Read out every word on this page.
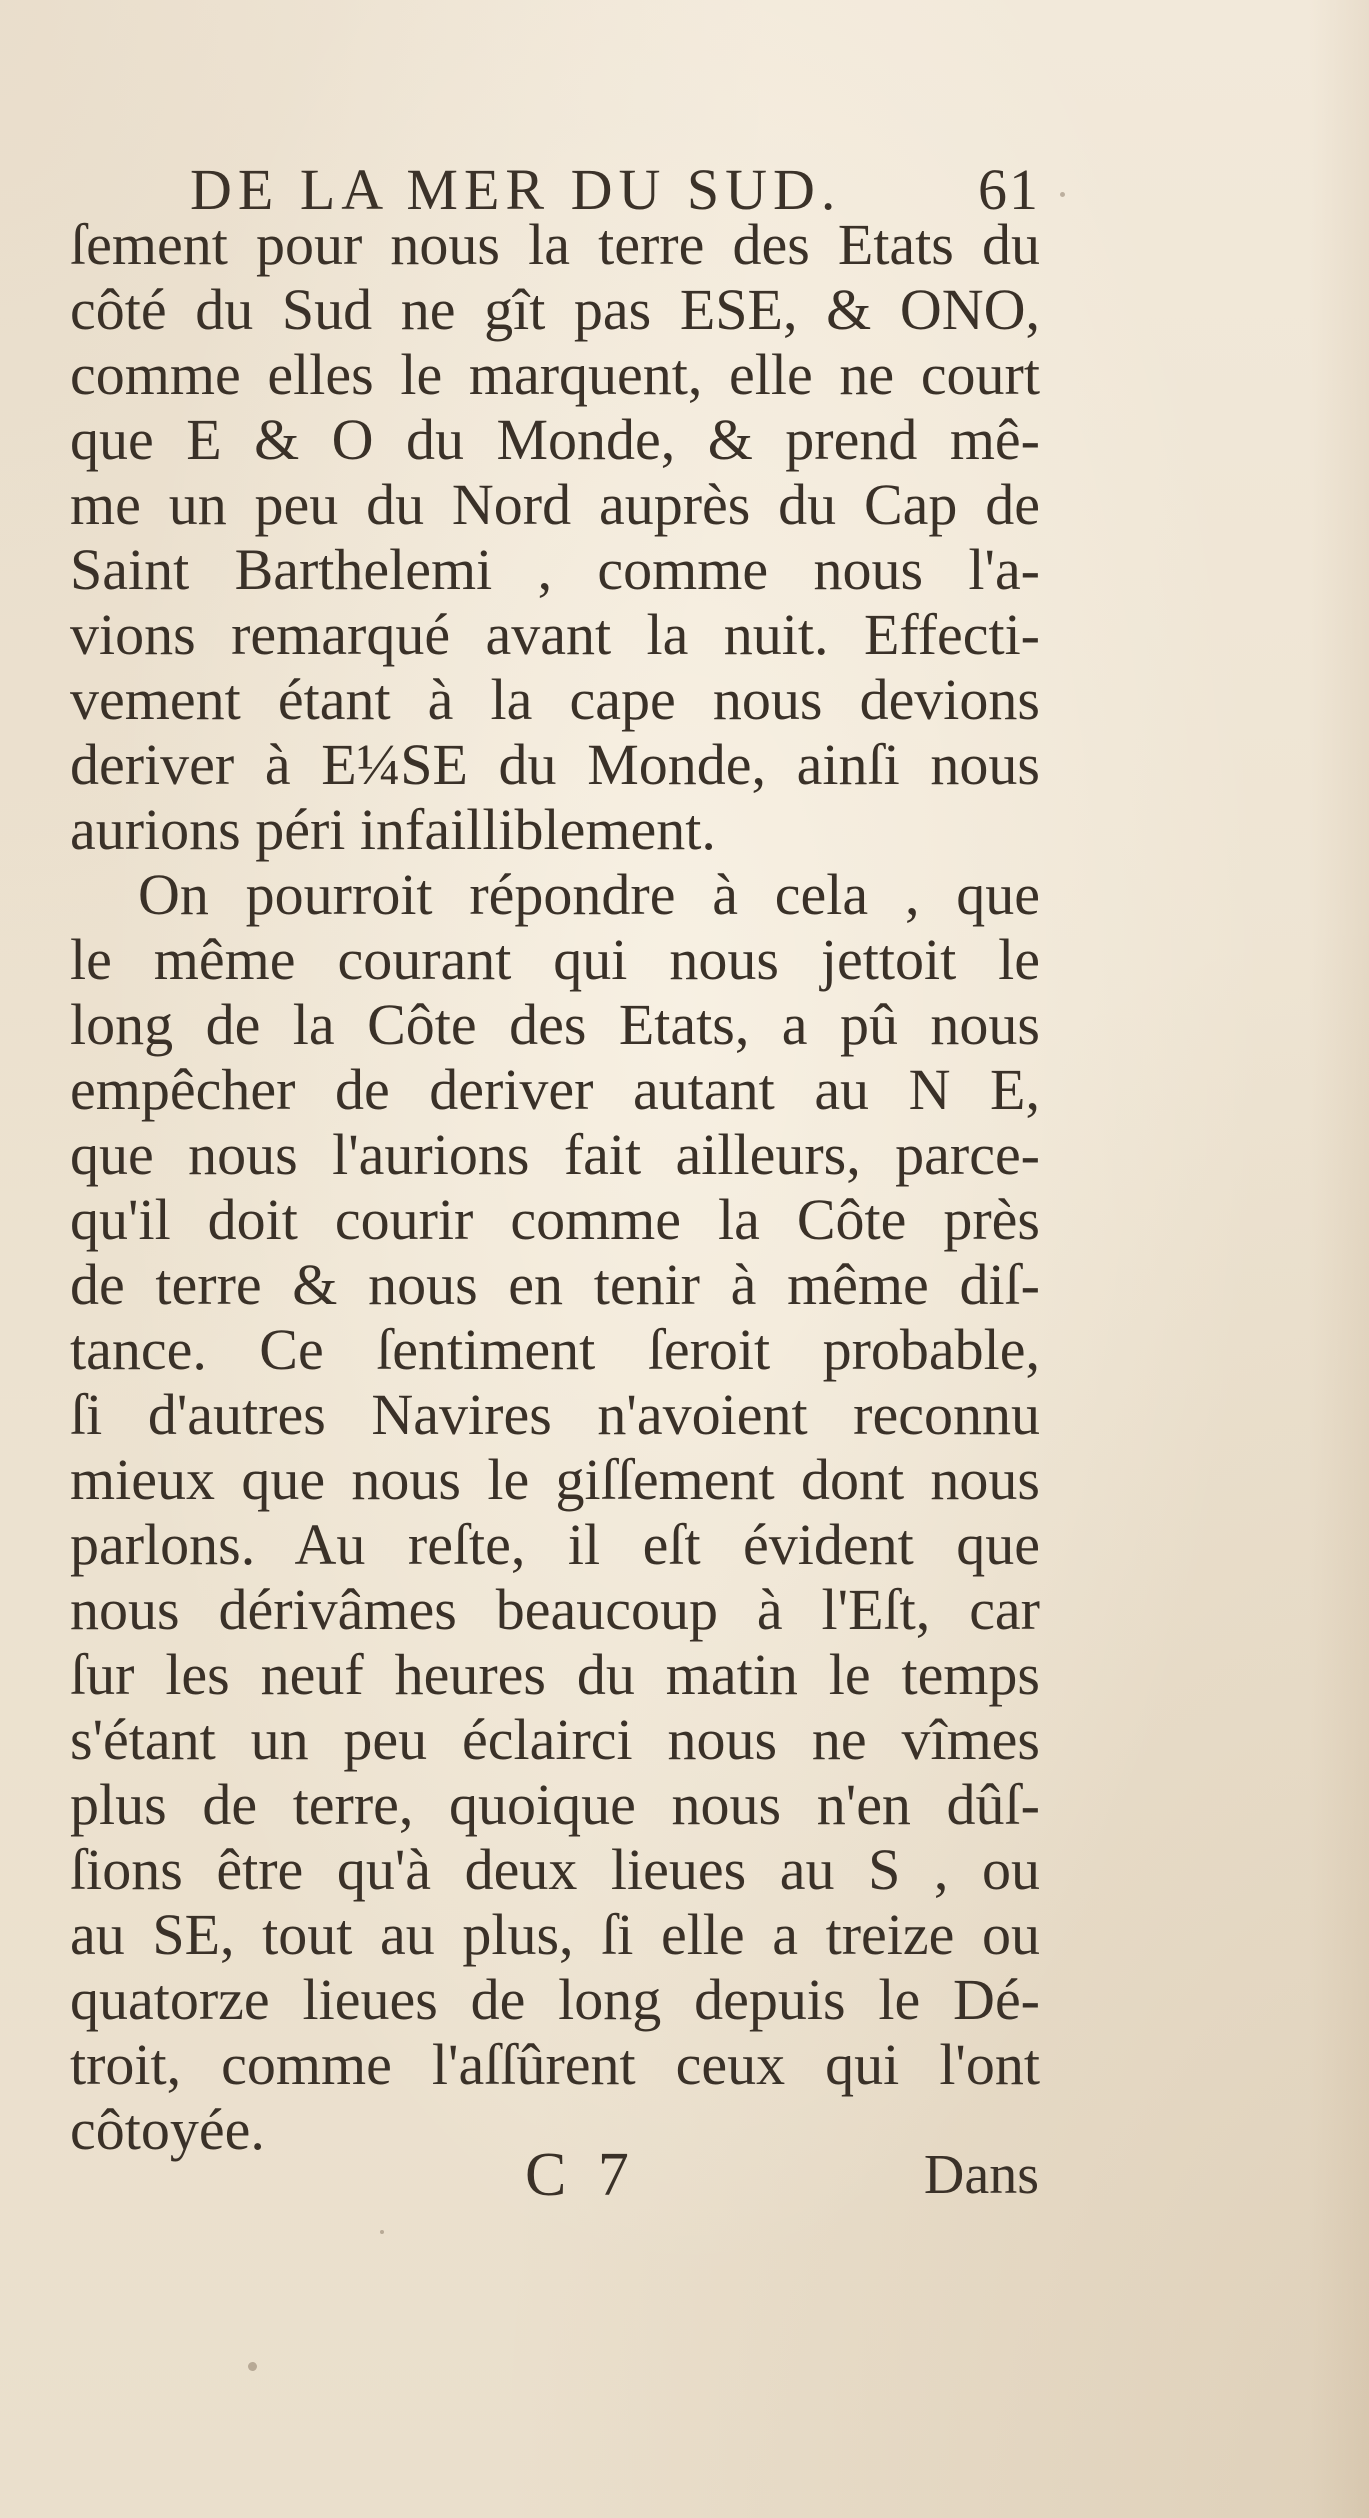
DE LA MER DU SUD. 61
ſement pour nous la terre des Etats du
côté du Sud ne gît pas ESE, & ONO,
comme elles le marquent, elle ne court
que E & O du Monde, & prend mê-
me un peu du Nord auprès du Cap de
Saint Barthelemi , comme nous l'a-
vions remarqué avant la nuit. Effecti-
vement étant à la cape nous devions
deriver à E¼SE du Monde, ainſi nous
aurions péri infailliblement.
On pourroit répondre à cela , que
le même courant qui nous jettoit le
long de la Côte des Etats, a pû nous
empêcher de deriver autant au N E,
que nous l'aurions fait ailleurs, parce-
qu'il doit courir comme la Côte près
de terre & nous en tenir à même diſ-
tance. Ce ſentiment ſeroit probable,
ſi d'autres Navires n'avoient reconnu
mieux que nous le giſſement dont nous
parlons. Au reſte, il eſt évident que
nous dérivâmes beaucoup à l'Eſt, car
ſur les neuf heures du matin le temps
s'étant un peu éclairci nous ne vîmes
plus de terre, quoique nous n'en dûſ-
ſions être qu'à deux lieues au S , ou
au SE, tout au plus, ſi elle a treize ou
quatorze lieues de long depuis le Dé-
troit, comme l'aſſûrent ceux qui l'ont
côtoyée.
C 7	Dans
